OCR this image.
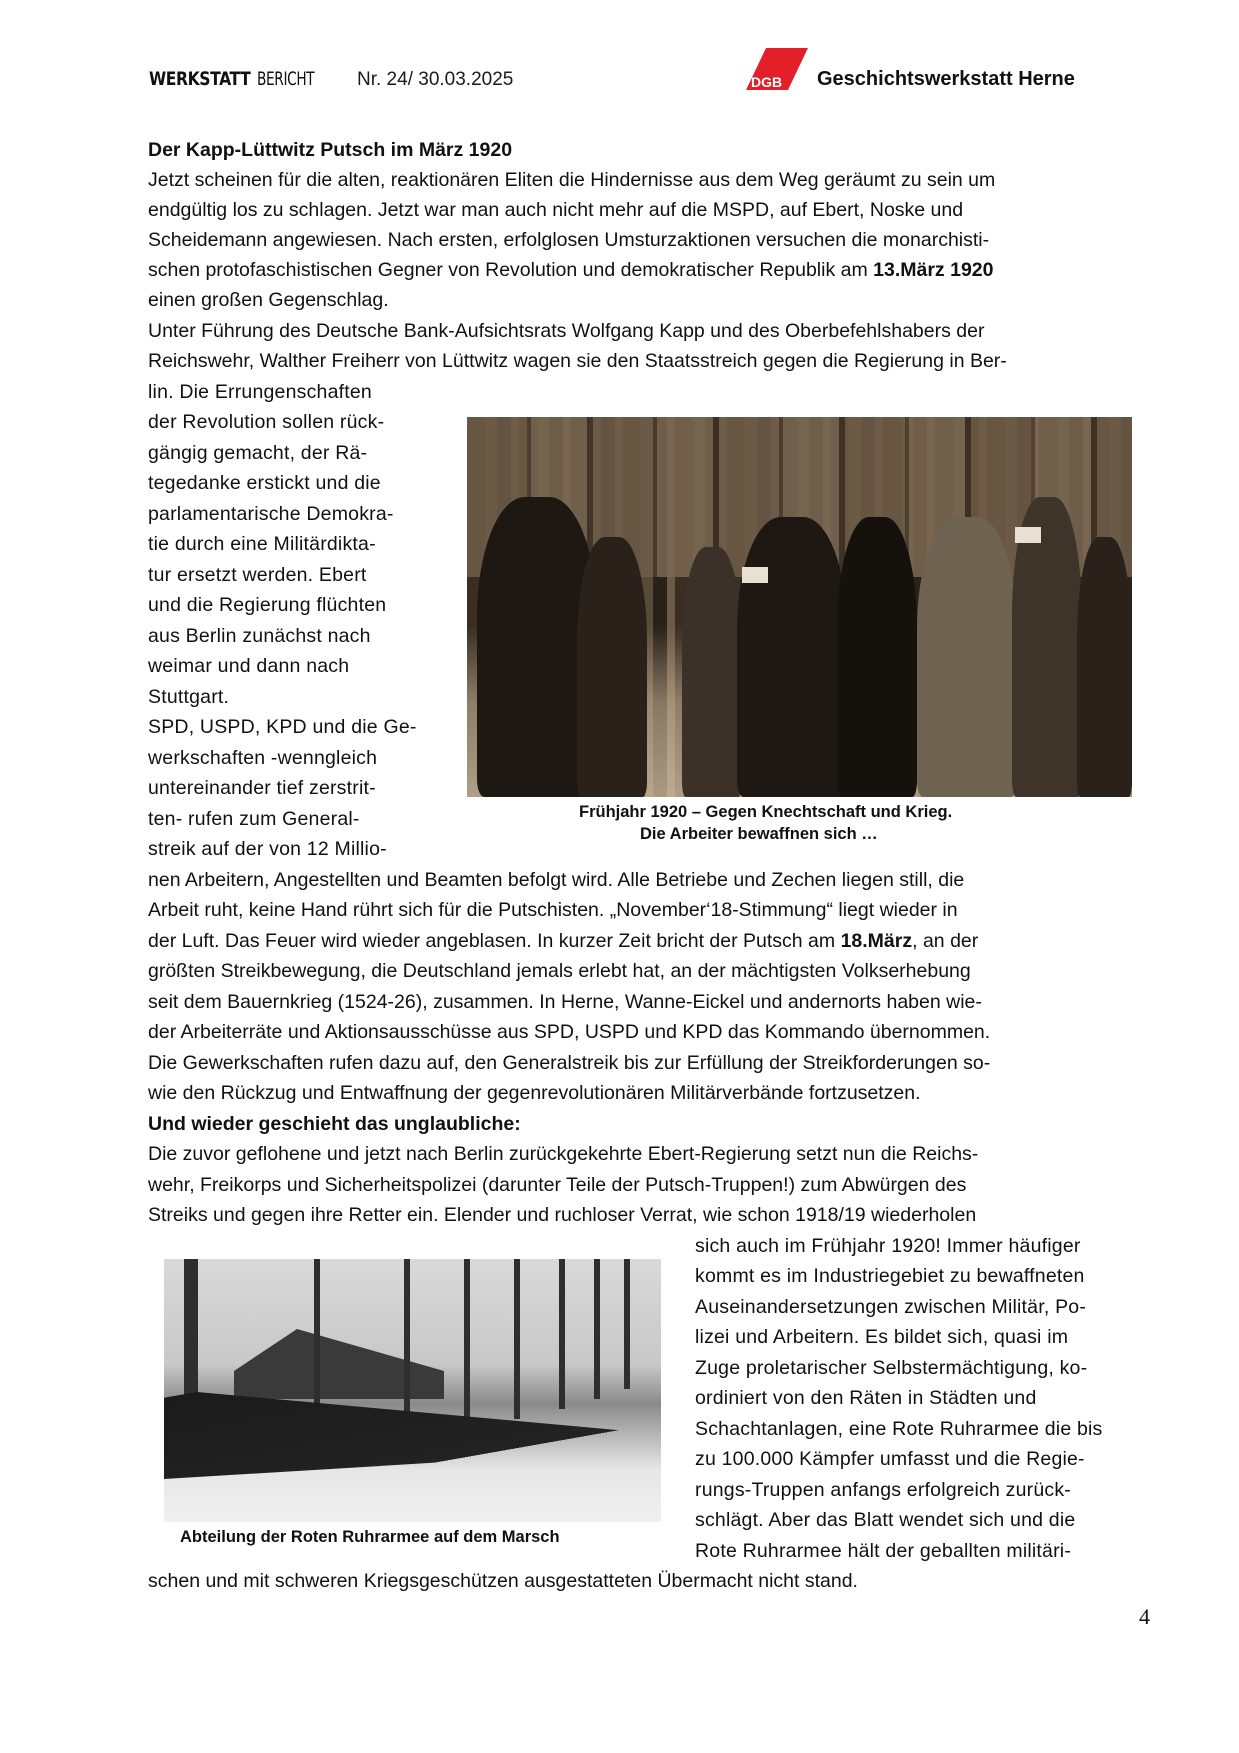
WERKSTATT BERICHT Nr. 24/ 30.03.2025	DGB Geschichtswerkstatt Herne
Der Kapp-Lüttwitz Putsch im März 1920
Jetzt scheinen für die alten, reaktionären Eliten die Hindernisse aus dem Weg geräumt zu sein um
endgültig los zu schlagen. Jetzt war man auch nicht mehr auf die MSPD, auf Ebert, Noske und
Scheidemann angewiesen. Nach ersten, erfolglosen Umsturzaktionen versuchen die monarchisti-
schen protofaschistischen Gegner von Revolution und demokratischer Republik am 13.März 1920
einen großen Gegenschlag.
Unter Führung des Deutsche Bank-Aufsichtsrats Wolfgang Kapp und des Oberbefehlshabers der
Reichswehr, Walther Freiherr von Lüttwitz wagen sie den Staatsstreich gegen die Regierung in Ber-
lin. Die Errungenschaften
der Revolution sollen rück-
gängig gemacht, der Rä-
tegedanke erstickt und die
parlamentarische Demokra-
tie durch eine Militärdikta-
tur ersetzt werden. Ebert
und die Regierung flüchten
aus Berlin zunächst nach
weimar und dann nach
Stuttgart.
SPD, USPD, KPD und die Ge-
werkschaften -wenngleich
untereinander tief zerstrit-
ten- rufen zum General-
streik auf der von 12 Millio-
Frühjahr 1920 – Gegen Knechtschaft und Krieg.
Die Arbeiter bewaffnen sich …
nen Arbeitern, Angestellten und Beamten befolgt wird. Alle Betriebe und Zechen liegen still, die
Arbeit ruht, keine Hand rührt sich für die Putschisten. „November‘18-Stimmung“ liegt wieder in
der Luft. Das Feuer wird wieder angeblasen. In kurzer Zeit bricht der Putsch am 18.März, an der
größten Streikbewegung, die Deutschland jemals erlebt hat, an der mächtigsten Volkserhebung
seit dem Bauernkrieg (1524-26), zusammen. In Herne, Wanne-Eickel und andernorts haben wie-
der Arbeiterräte und Aktionsausschüsse aus SPD, USPD und KPD das Kommando übernommen.
Die Gewerkschaften rufen dazu auf, den Generalstreik bis zur Erfüllung der Streikforderungen so-
wie den Rückzug und Entwaffnung der gegenrevolutionären Militärverbände fortzusetzen.
Und wieder geschieht das unglaubliche:
Die zuvor geflohene und jetzt nach Berlin zurückgekehrte Ebert-Regierung setzt nun die Reichs-
wehr, Freikorps und Sicherheitspolizei (darunter Teile der Putsch-Truppen!) zum Abwürgen des
Streiks und gegen ihre Retter ein. Elender und ruchloser Verrat, wie schon 1918/19 wiederholen
Abteilung der Roten Ruhrarmee auf dem Marsch
sich auch im Frühjahr 1920! Immer häufiger
kommt es im Industriegebiet zu bewaffneten
Auseinandersetzungen zwischen Militär, Po-
lizei und Arbeitern. Es bildet sich, quasi im
Zuge proletarischer Selbstermächtigung, ko-
ordiniert von den Räten in Städten und
Schachtanlagen, eine Rote Ruhrarmee die bis
zu 100.000 Kämpfer umfasst und die Regie-
rungs-Truppen anfangs erfolgreich zurück-
schlägt. Aber das Blatt wendet sich und die
Rote Ruhrarmee hält der geballten militäri-
schen und mit schweren Kriegsgeschützen ausgestatteten Übermacht nicht stand.
4
